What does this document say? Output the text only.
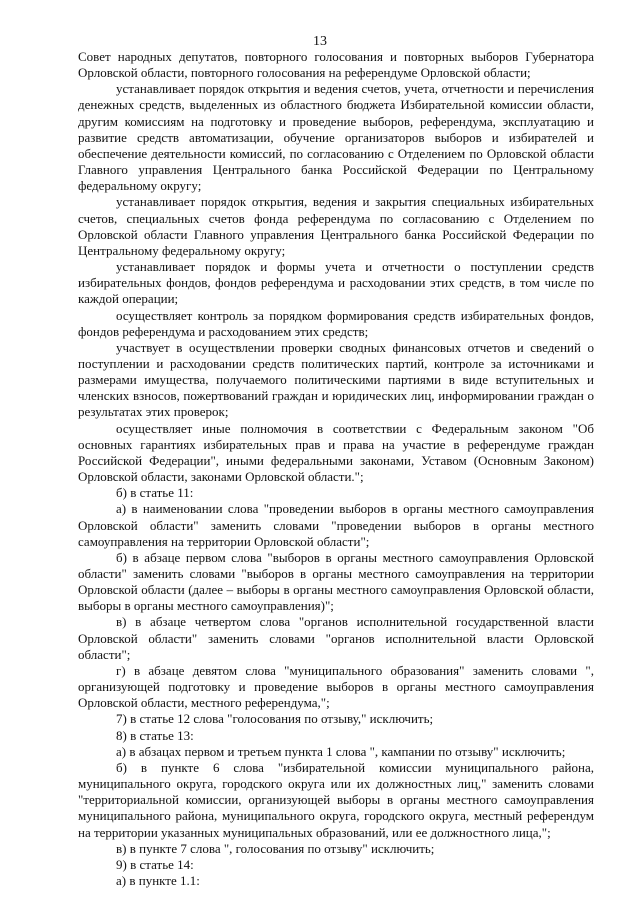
13

Совет народных депутатов, повторного голосования и повторных выборов Губернатора Орловской области, повторного голосования на референдуме Орловской области;

устанавливает порядок открытия и ведения счетов, учета, отчетности и перечисления денежных средств, выделенных из областного бюджета Избирательной комиссии области, другим комиссиям на подготовку и проведение выборов, референдума, эксплуатацию и развитие средств автоматизации, обучение организаторов выборов и избирателей и обеспечение деятельности комиссий, по согласованию с Отделением по Орловской области Главного управления Центрального банка Российской Федерации по Центральному федеральному округу;

устанавливает порядок открытия, ведения и закрытия специальных избирательных счетов, специальных счетов фонда референдума по согласованию с Отделением по Орловской области Главного управления Центрального банка Российской Федерации по Центральному федеральному округу;

устанавливает порядок и формы учета и отчетности о поступлении средств избирательных фондов, фондов референдума и расходовании этих средств, в том числе по каждой операции;

осуществляет контроль за порядком формирования средств избирательных фондов, фондов референдума и расходованием этих средств;

участвует в осуществлении проверки сводных финансовых отчетов и сведений о поступлении и расходовании средств политических партий, контроле за источниками и размерами имущества, получаемого политическими партиями в виде вступительных и членских взносов, пожертвований граждан и юридических лиц, информировании граждан о результатах этих проверок;

осуществляет иные полномочия в соответствии с Федеральным законом "Об основных гарантиях избирательных прав и права на участие в референдуме граждан Российской Федерации", иными федеральными законами, Уставом (Основным Законом) Орловской области, законами Орловской области.";

б) в статье 11:

а) в наименовании слова "проведении выборов в органы местного самоуправления Орловской области" заменить словами "проведении выборов в органы местного самоуправления на территории Орловской области";

б) в абзаце первом слова "выборов в органы местного самоуправления Орловской области" заменить словами "выборов в органы местного самоуправления на территории Орловской области (далее – выборы в органы местного самоуправления Орловской области, выборы в органы местного самоуправления)";

в) в абзаце четвертом слова "органов исполнительной государственной власти Орловской области" заменить словами "органов исполнительной власти Орловской области";

г) в абзаце девятом слова "муниципального образования" заменить словами ", организующей подготовку и проведение выборов в органы местного самоуправления Орловской области, местного референдума,";

7) в статье 12 слова "голосования по отзыву," исключить;

8) в статье 13:

а) в абзацах первом и третьем пункта 1 слова ", кампании по отзыву" исключить;

б) в пункте 6 слова "избирательной комиссии муниципального района, муниципального округа, городского округа или их должностных лиц," заменить словами "территориальной комиссии, организующей выборы в органы местного самоуправления муниципального района, муниципального округа, городского округа, местный референдум на территории указанных муниципальных образований, или ее должностного лица,";

в) в пункте 7 слова ", голосования по отзыву" исключить;

9) в статье 14:

а) в пункте 1.1:
